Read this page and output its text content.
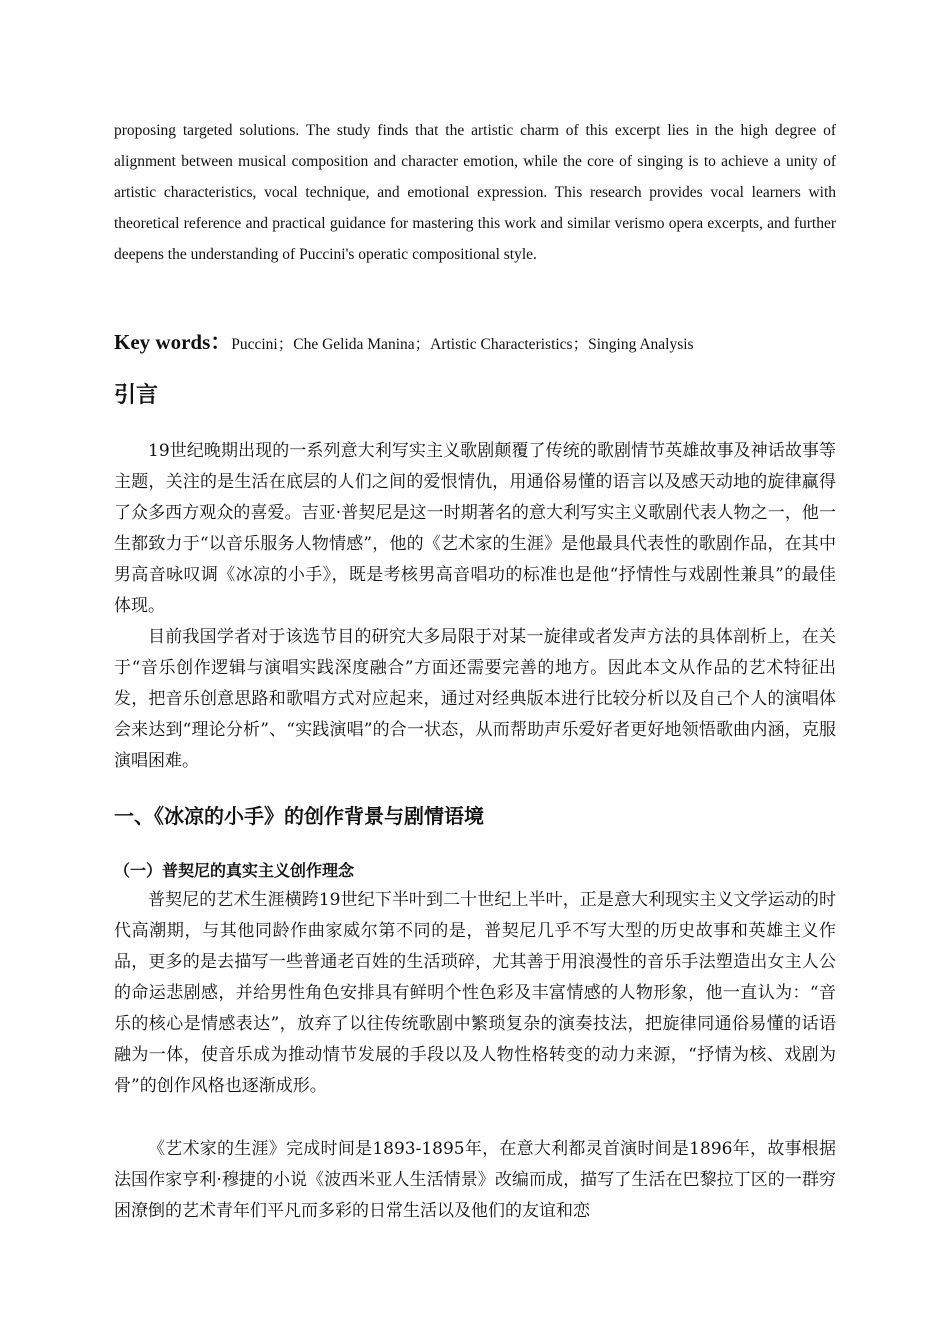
proposing targeted solutions. The study finds that the artistic charm of this excerpt lies in the high degree of alignment between musical composition and character emotion, while the core of singing is to achieve a unity of artistic characteristics, vocal technique, and emotional expression. This research provides vocal learners with theoretical reference and practical guidance for mastering this work and similar verismo opera excerpts, and further deepens the understanding of Puccini's operatic compositional style.

Key words：Puccini；Che Gelida Manina；Artistic Characteristics；Singing Analysis
引言

19世纪晚期出现的一系列意大利写实主义歌剧颠覆了传统的歌剧情节英雄故事及神话故事等主题，关注的是生活在底层的人们之间的爱恨情仇，用通俗易懂的语言以及感天动地的旋律赢得了众多西方观众的喜爱。吉亚·普契尼是这一时期著名的意大利写实主义歌剧代表人物之一，他一生都致力于“以音乐服务人物情感”，他的《艺术家的生涯》是他最具代表性的歌剧作品，在其中男高音咏叹调《冰凉的小手》，既是考核男高音唱功的标准也是他“抒情性与戏剧性兼具”的最佳体现。

目前我国学者对于该选节目的研究大多局限于对某一旋律或者发声方法的具体剖析上，在关于“音乐创作逻辑与演唱实践深度融合”方面还需要完善的地方。因此本文从作品的艺术特征出发，把音乐创意思路和歌唱方式对应起来，通过对经典版本进行比较分析以及自己个人的演唱体会来达到“理论分析”、“实践演唱”的合一状态，从而帮助声乐爱好者更好地领悟歌曲内涵，克服演唱困难。

一、《冰凉的小手》的创作背景与剧情语境
（一）普契尼的真实主义创作理念

普契尼的艺术生涯横跨19世纪下半叶到二十世纪上半叶，正是意大利现实主义文学运动的时代高潮期，与其他同龄作曲家威尔第不同的是，普契尼几乎不写大型的历史故事和英雄主义作品，更多的是去描写一些普通老百姓的生活琐碎，尤其善于用浪漫性的音乐手法塑造出女主人公的命运悲剧感，并给男性角色安排具有鲜明个性色彩及丰富情感的人物形象，他一直认为：“音乐的核心是情感表达”，放弃了以往传统歌剧中繁琐复杂的演奏技法，把旋律同通俗易懂的话语融为一体，使音乐成为推动情节发展的手段以及人物性格转变的动力来源，“抒情为核、戏剧为骨”的创作风格也逐渐成形。

《艺术家的生涯》完成时间是1893-1895年，在意大利都灵首演时间是1896年，故事根据法国作家亨利·穆捷的小说《波西米亚人生活情景》改编而成，描写了生活在巴黎拉丁区的一群穷困潦倒的艺术青年们平凡而多彩的日常生活以及他们的友谊和恋
